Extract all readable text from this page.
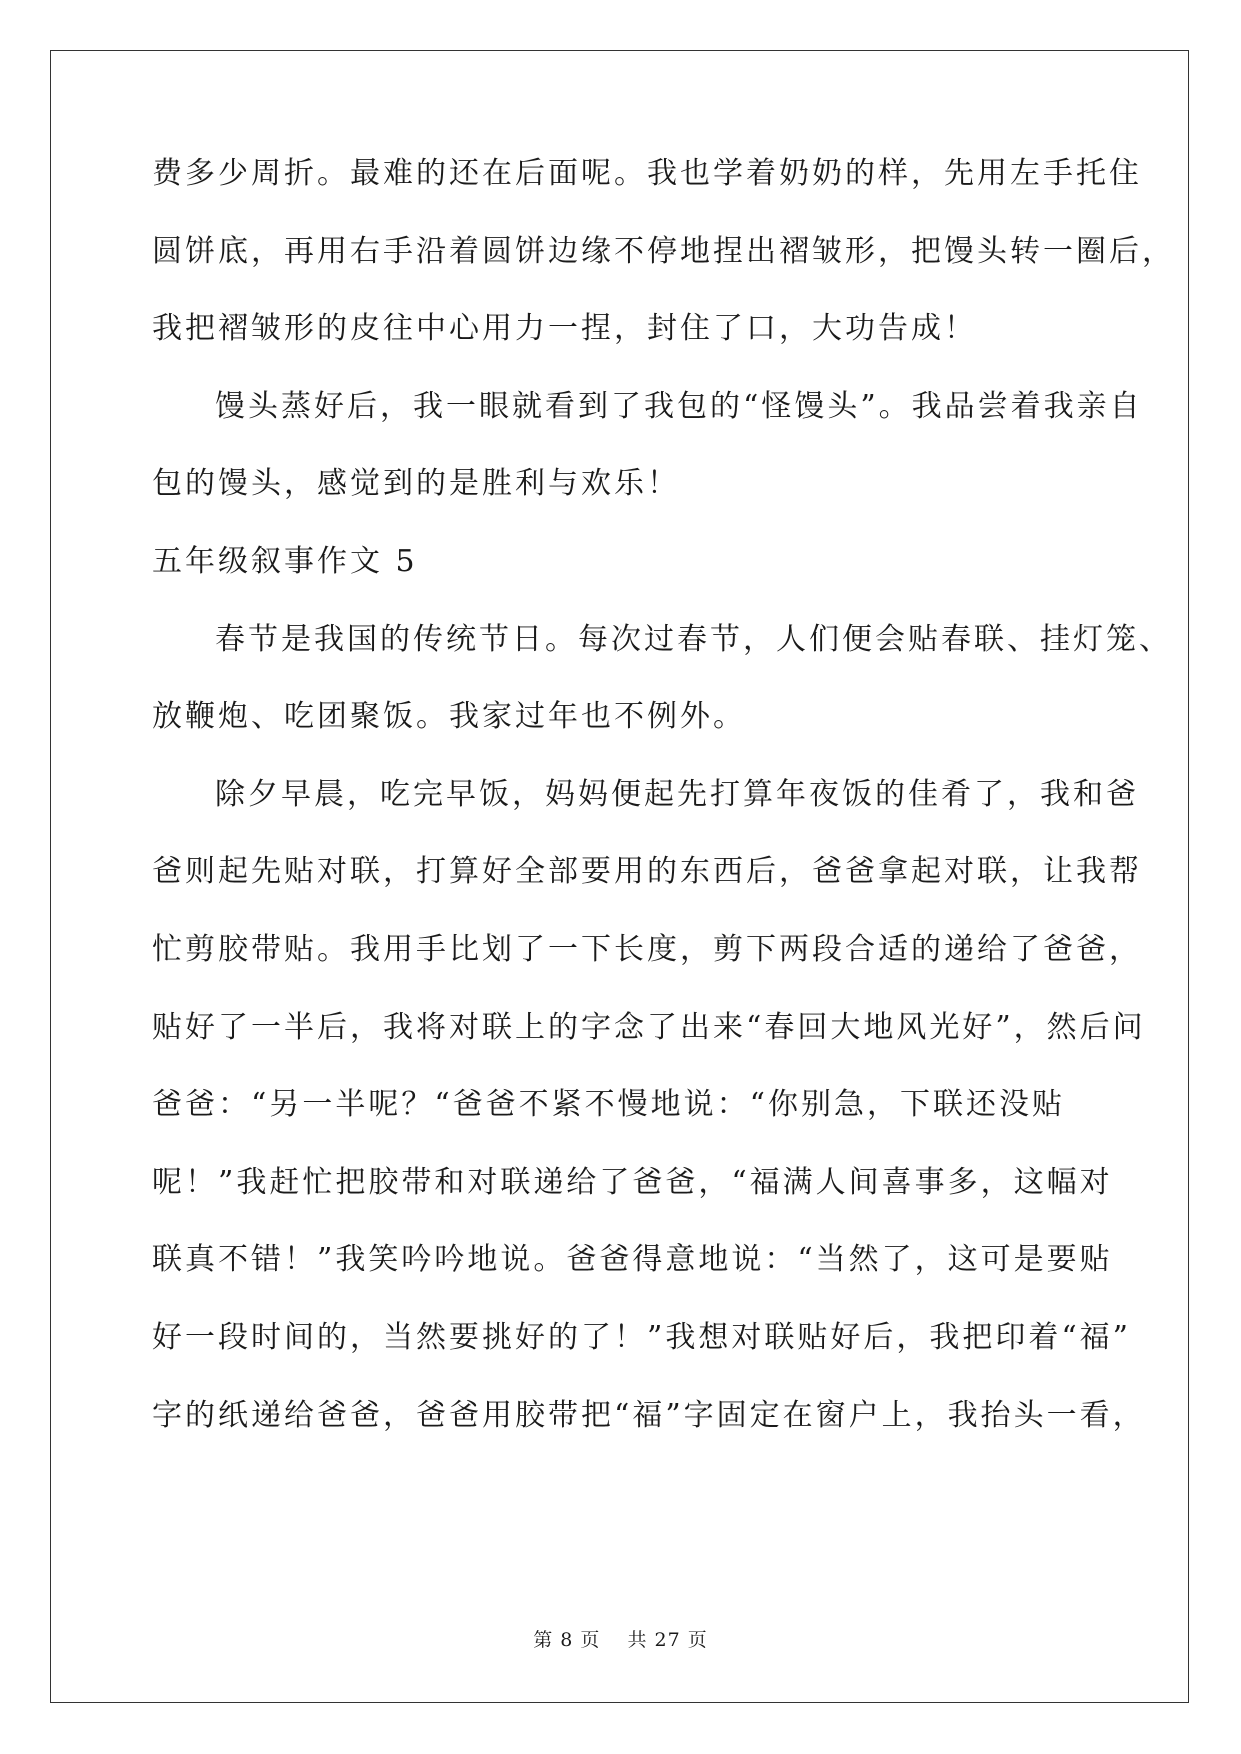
费多少周折。最难的还在后面呢。我也学着奶奶的样，先用左手托住

圆饼底，再用右手沿着圆饼边缘不停地捏出褶皱形，把馒头转一圈后，

我把褶皱形的皮往中心用力一捏，封住了口，大功告成！

馒头蒸好后，我一眼就看到了我包的“怪馒头”。我品尝着我亲自

包的馒头，感觉到的是胜利与欢乐！

五年级叙事作文 5

春节是我国的传统节日。每次过春节，人们便会贴春联、挂灯笼、

放鞭炮、吃团聚饭。我家过年也不例外。

除夕早晨，吃完早饭，妈妈便起先打算年夜饭的佳肴了，我和爸

爸则起先贴对联，打算好全部要用的东西后，爸爸拿起对联，让我帮

忙剪胶带贴。我用手比划了一下长度，剪下两段合适的递给了爸爸，

贴好了一半后，我将对联上的字念了出来“春回大地风光好”，然后问

爸爸：“另一半呢？“爸爸不紧不慢地说：“你别急，下联还没贴

呢！”我赶忙把胶带和对联递给了爸爸，“福满人间喜事多，这幅对

联真不错！”我笑吟吟地说。爸爸得意地说：“当然了，这可是要贴

好一段时间的，当然要挑好的了！”我想对联贴好后，我把印着“福”

字的纸递给爸爸，爸爸用胶带把“福”字固定在窗户上，我抬头一看，

第 8 页　 共 27 页
